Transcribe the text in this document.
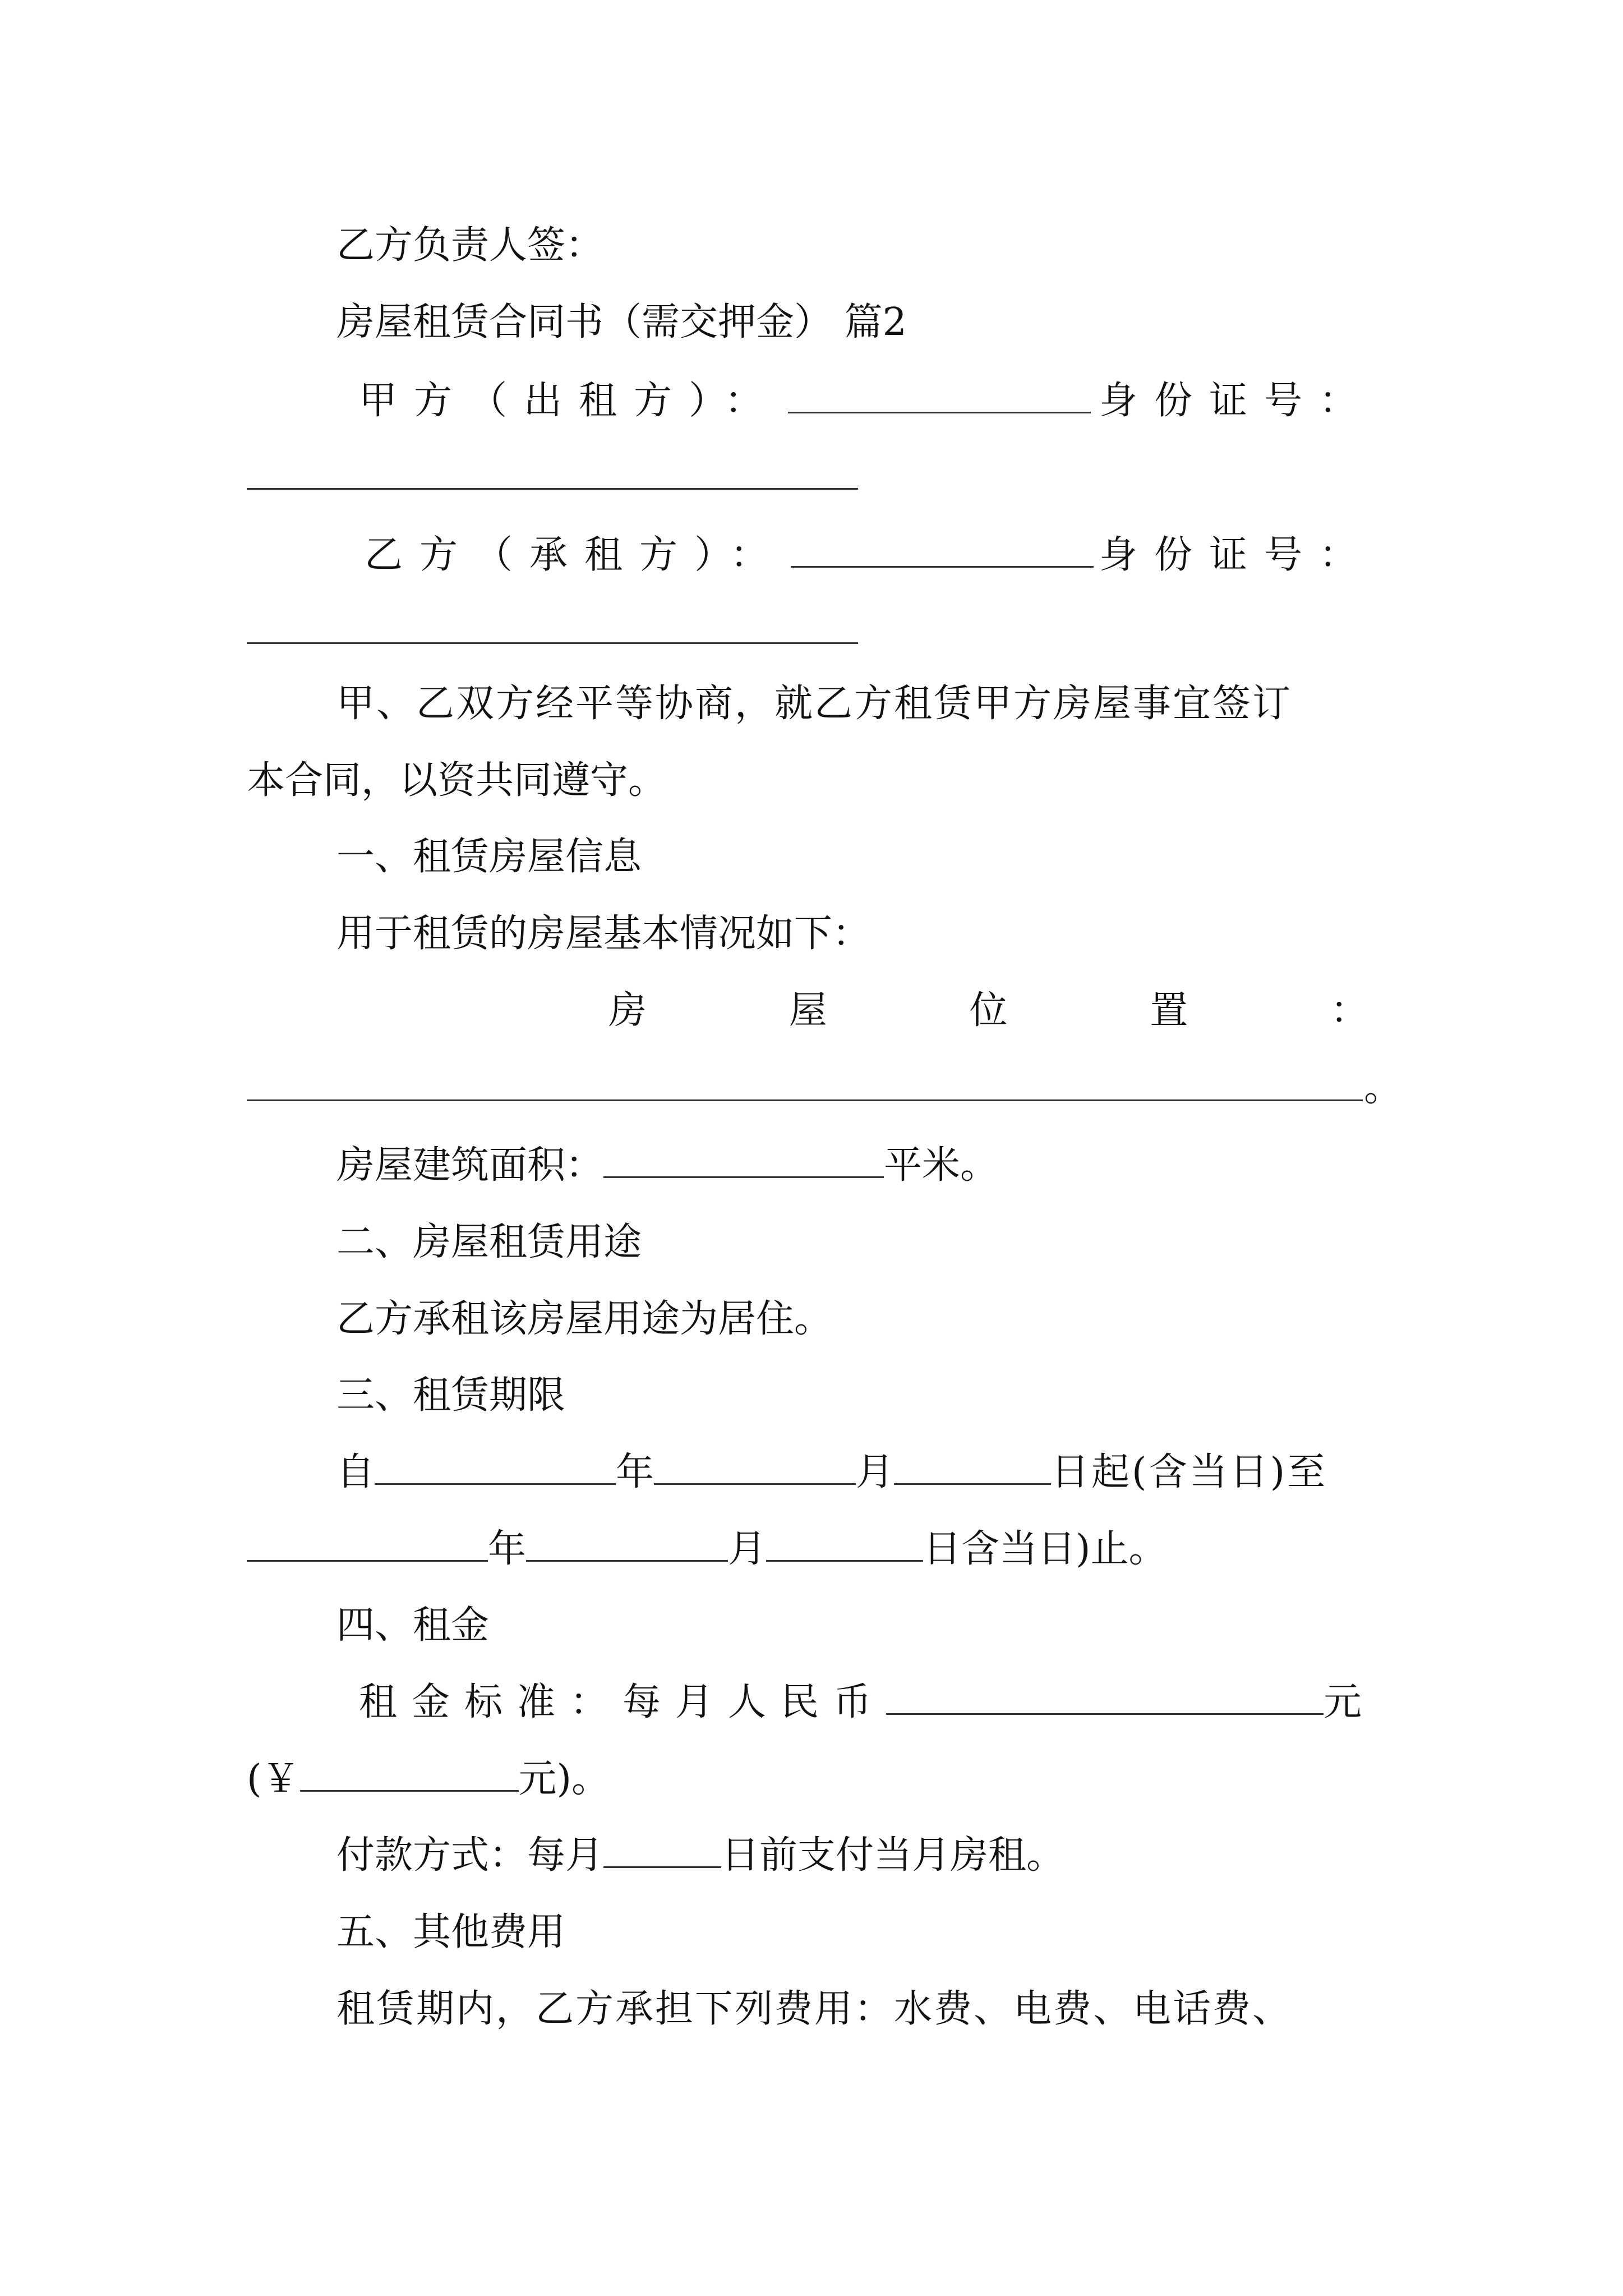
乙方负责人签：
房屋租赁合同书（需交押金） 篇2
甲方（出租方）：	身份证号：
乙方（承租方）：	身份证号：
甲、乙双方经平等协商，就乙方租赁甲方房屋事宜签订
本合同，以资共同遵守。
一、租赁房屋信息
用于租赁的房屋基本情况如下：
房	屋	位	置	：
。
房屋建筑面积：	平米。
二、房屋租赁用途
乙方承租该房屋用途为居住。
三、租赁期限
自	年	月	日起(含当日)至
年	月	日含当日)止。
四、租金
租金标准：每月人民币	元
(￥	元)。
付款方式：每月	日前支付当月房租。
五、其他费用
租赁期内，乙方承担下列费用：水费、电费、电话费、
